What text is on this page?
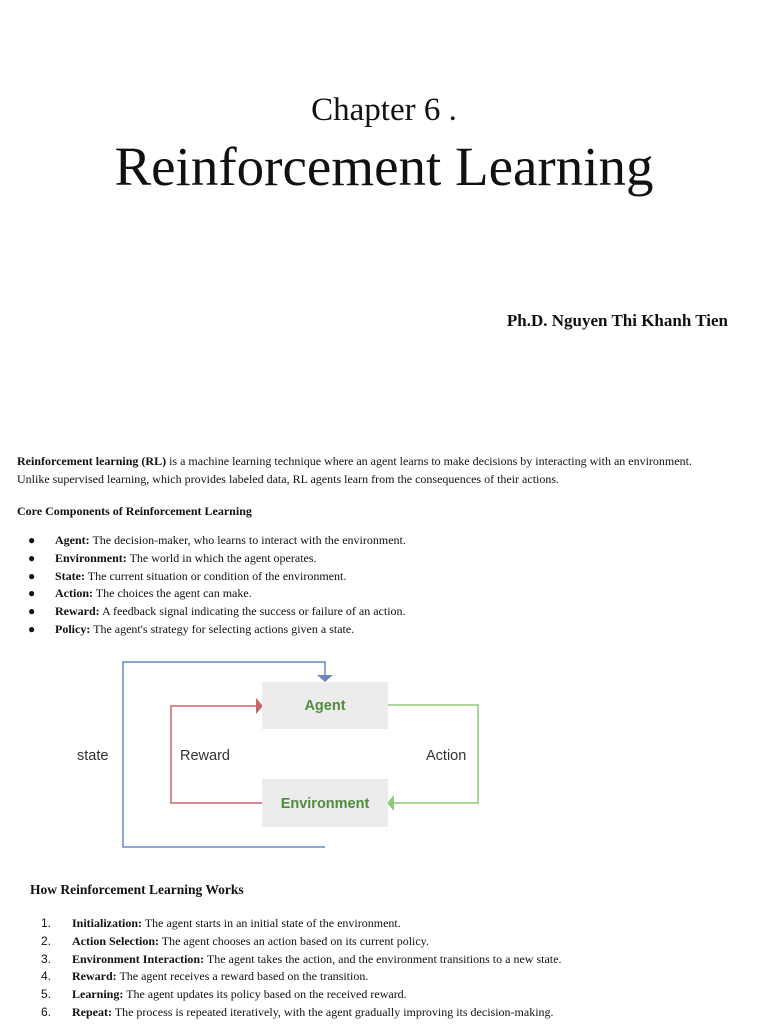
Chapter 6 .
Reinforcement Learning
Ph.D. Nguyen Thi Khanh Tien

Reinforcement learning (RL) is a machine learning technique where an agent learns to make decisions by interacting with an environment.

Unlike supervised learning, which provides labeled data, RL agents learn from the consequences of their actions.

Core Components of Reinforcement Learning
● Agent: The decision-maker, who learns to interact with the environment.
● Environment: The world in which the agent operates.
● State: The current situation or condition of the environment.
● Action: The choices the agent can make.
● Reward: A feedback signal indicating the success or failure of an action.
● Policy: The agent's strategy for selecting actions given a state.
Agent
Environment
state	Reward	Action
How Reinforcement Learning Works
1. Initialization: The agent starts in an initial state of the environment.
2. Action Selection: The agent chooses an action based on its current policy.
3. Environment Interaction: The agent takes the action, and the environment transitions to a new state.
4. Reward: The agent receives a reward based on the transition.
5. Learning: The agent updates its policy based on the received reward.
6. Repeat: The process is repeated iteratively, with the agent gradually improving its decision-making.
